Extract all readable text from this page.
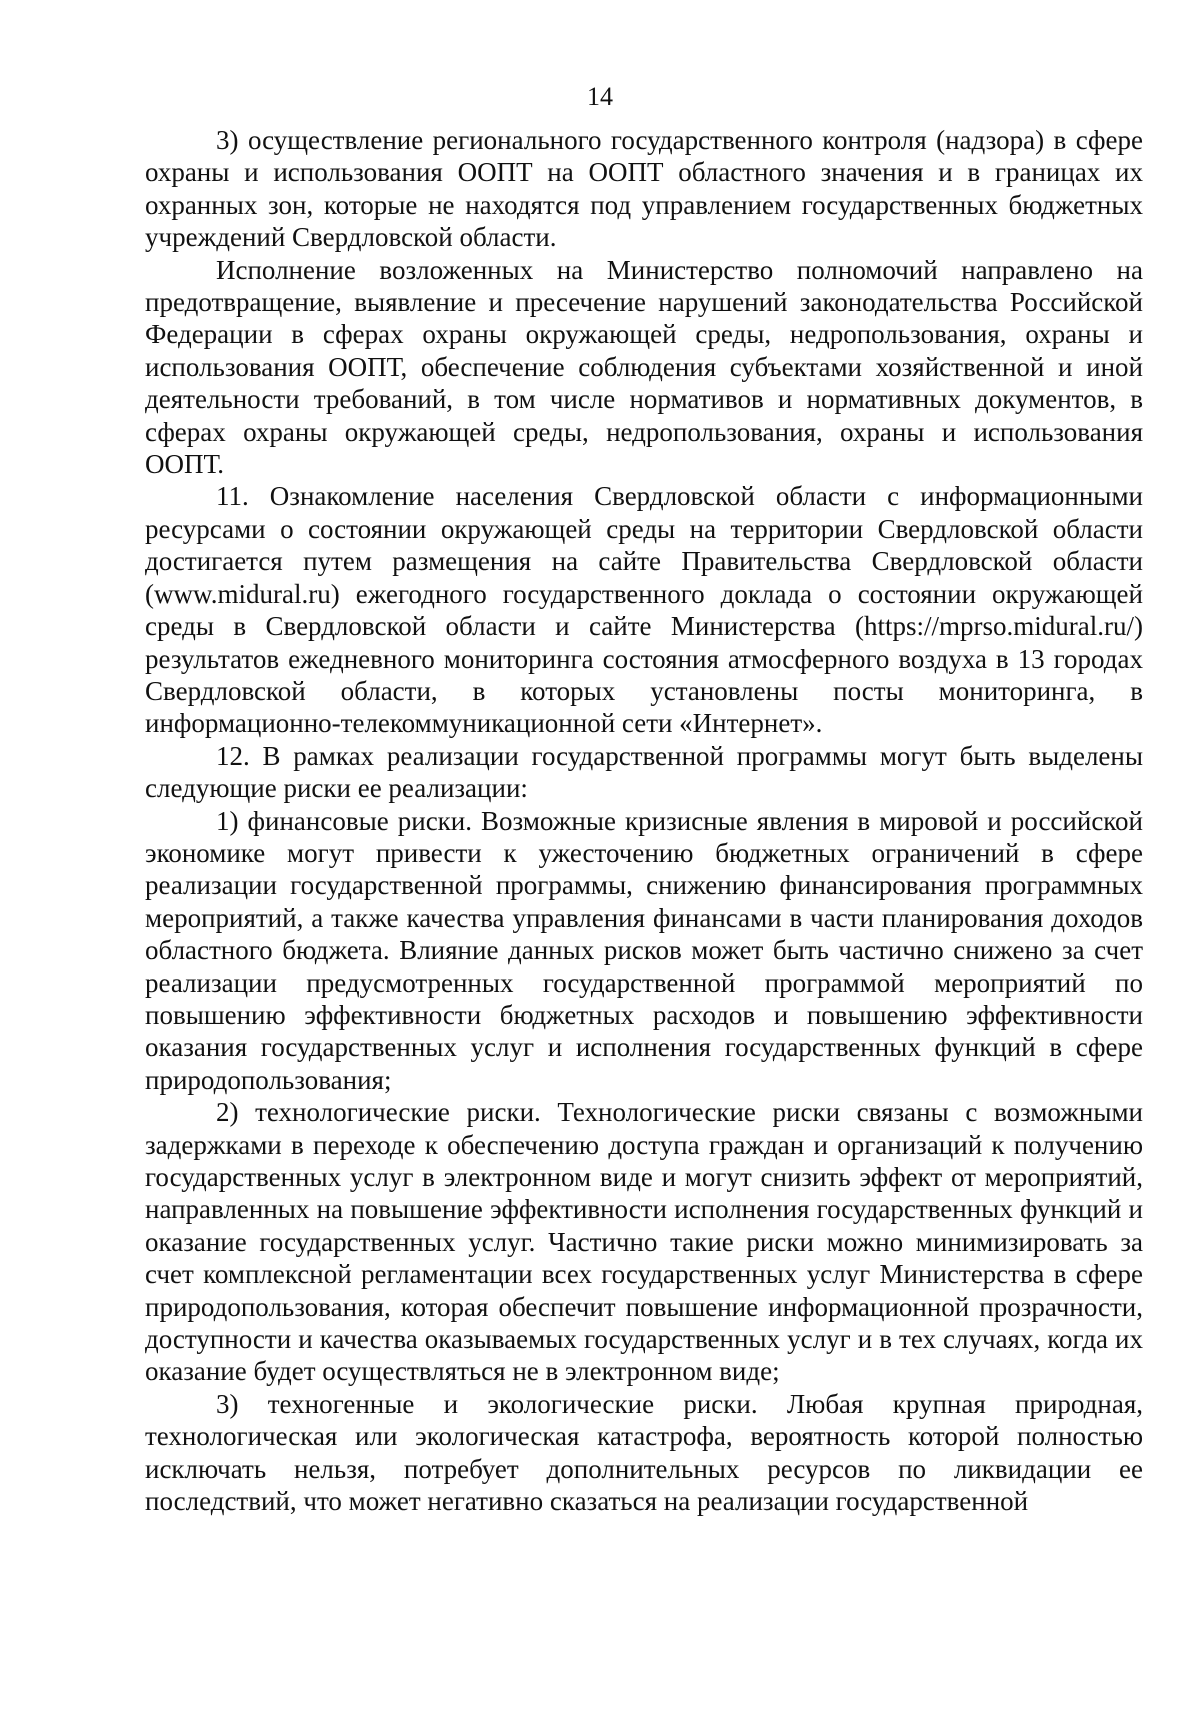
14

3) осуществление регионального государственного контроля (надзора) в сфере охраны и использования ООПТ на ООПТ областного значения и в границах их охранных зон, которые не находятся под управлением государственных бюджетных учреждений Свердловской области.

Исполнение возложенных на Министерство полномочий направлено на предотвращение, выявление и пресечение нарушений законодательства Российской Федерации в сферах охраны окружающей среды, недропользования, охраны и использования ООПТ, обеспечение соблюдения субъектами хозяйственной и иной деятельности требований, в том числе нормативов и нормативных документов, в сферах охраны окружающей среды, недропользования, охраны и использования ООПТ.

11. Ознакомление населения Свердловской области с информационными ресурсами о состоянии окружающей среды на территории Свердловской области достигается путем размещения на сайте Правительства Свердловской области (www.midural.ru) ежегодного государственного доклада о состоянии окружающей среды в Свердловской области и сайте Министерства (https://mprso.midural.ru/) результатов ежедневного мониторинга состояния атмосферного воздуха в 13 городах Свердловской области, в которых установлены посты мониторинга, в информационно-телекоммуникационной сети «Интернет».

12. В рамках реализации государственной программы могут быть выделены следующие риски ее реализации:

1) финансовые риски. Возможные кризисные явления в мировой и российской экономике могут привести к ужесточению бюджетных ограничений в сфере реализации государственной программы, снижению финансирования программных мероприятий, а также качества управления финансами в части планирования доходов областного бюджета. Влияние данных рисков может быть частично снижено за счет реализации предусмотренных государственной программой мероприятий по повышению эффективности бюджетных расходов и повышению эффективности оказания государственных услуг и исполнения государственных функций в сфере природопользования;

2) технологические риски. Технологические риски связаны с возможными задержками в переходе к обеспечению доступа граждан и организаций к получению государственных услуг в электронном виде и могут снизить эффект от мероприятий, направленных на повышение эффективности исполнения государственных функций и оказание государственных услуг. Частично такие риски можно минимизировать за счет комплексной регламентации всех государственных услуг Министерства в сфере природопользования, которая обеспечит повышение информационной прозрачности, доступности и качества оказываемых государственных услуг и в тех случаях, когда их оказание будет осуществляться не в электронном виде;

3) техногенные и экологические риски. Любая крупная природная, технологическая или экологическая катастрофа, вероятность которой полностью исключать нельзя, потребует дополнительных ресурсов по ликвидации ее последствий, что может негативно сказаться на реализации государственной
